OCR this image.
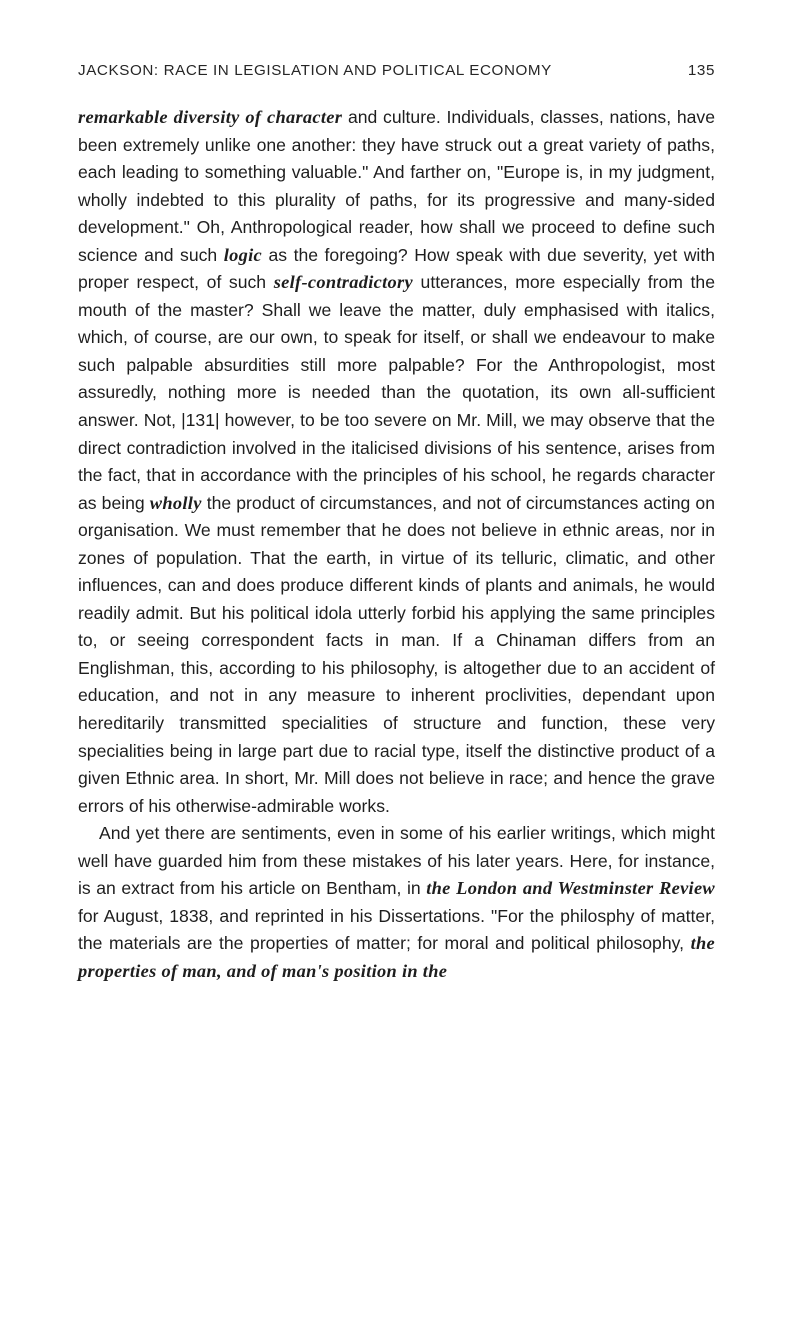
JACKSON: RACE IN LEGISLATION AND POLITICAL ECONOMY	135

remarkable diversity of character and culture. Individuals, classes, nations, have been extremely unlike one another: they have struck out a great variety of paths, each leading to something valuable." And farther on, "Europe is, in my judgment, wholly indebted to this plurality of paths, for its progressive and many-sided development." Oh, Anthropological reader, how shall we proceed to define such science and such logic as the foregoing? How speak with due severity, yet with proper respect, of such self-contradictory utterances, more especially from the mouth of the master? Shall we leave the matter, duly emphasised with italics, which, of course, are our own, to speak for itself, or shall we endeavour to make such palpable absurdities still more palpable? For the Anthropologist, most assuredly, nothing more is needed than the quotation, its own all-sufficient answer. Not, |131| however, to be too severe on Mr. Mill, we may observe that the direct contradiction involved in the italicised divisions of his sentence, arises from the fact, that in accordance with the principles of his school, he regards character as being wholly the product of circumstances, and not of circumstances acting on organisation. We must remember that he does not believe in ethnic areas, nor in zones of population. That the earth, in virtue of its telluric, climatic, and other influences, can and does produce different kinds of plants and animals, he would readily admit. But his political idola utterly forbid his applying the same principles to, or seeing correspondent facts in man. If a Chinaman differs from an Englishman, this, according to his philosophy, is altogether due to an accident of education, and not in any measure to inherent proclivities, dependant upon hereditarily transmitted specialities of structure and function, these very specialities being in large part due to racial type, itself the distinctive product of a given Ethnic area. In short, Mr. Mill does not believe in race; and hence the grave errors of his otherwise-admirable works.

And yet there are sentiments, even in some of his earlier writings, which might well have guarded him from these mistakes of his later years. Here, for instance, is an extract from his article on Bentham, in the London and Westminster Review for August, 1838, and reprinted in his Dissertations. "For the philosphy of matter, the materials are the properties of matter; for moral and political philosophy, the properties of man, and of man's position in the
